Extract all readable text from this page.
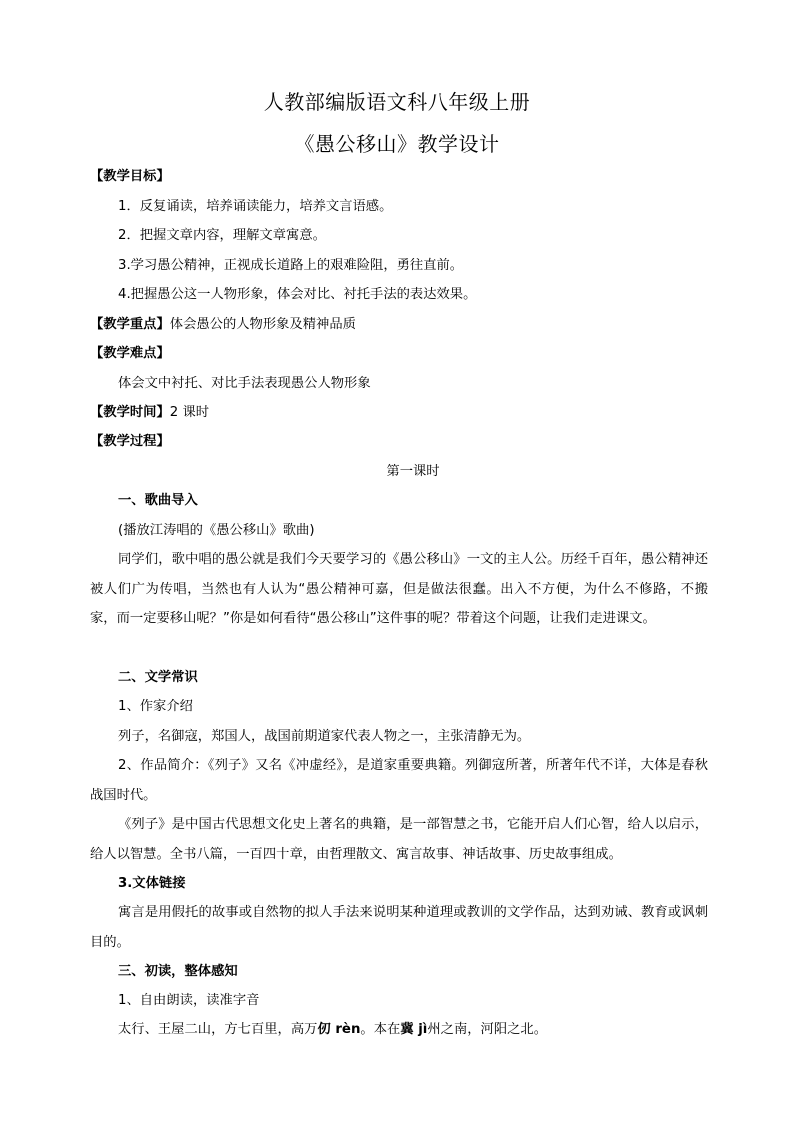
人教部编版语文科八年级上册
《愚公移山》教学设计
【教学目标】
1．反复诵读，培养诵读能力，培养文言语感。
2．把握文章内容，理解文章寓意。
3.学习愚公精神，正视成长道路上的艰难险阻，勇往直前。
4.把握愚公这一人物形象，体会对比、衬托手法的表达效果。
【教学重点】体会愚公的人物形象及精神品质
【教学难点】
体会文中衬托、对比手法表现愚公人物形象
【教学时间】2 课时
【教学过程】
第一课时
一、歌曲导入
(播放江涛唱的《愚公移山》歌曲)
同学们，歌中唱的愚公就是我们今天要学习的《愚公移山》一文的主人公。历经千百年，愚公精神还被人们广为传唱，当然也有人认为“愚公精神可嘉，但是做法很蠢。出入不方便，为什么不修路，不搬家，而一定要移山呢？”你是如何看待“愚公移山”这件事的呢？带着这个问题，让我们走进课文。
二、文学常识
1、作家介绍
列子，名御寇，郑国人，战国前期道家代表人物之一，主张清静无为。
2、作品简介：《列子》又名《冲虚经》，是道家重要典籍。列御寇所著，所著年代不详，大体是春秋战国时代。
《列子》是中国古代思想文化史上著名的典籍，是一部智慧之书，它能开启人们心智，给人以启示，给人以智慧。全书八篇，一百四十章，由哲理散文、寓言故事、神话故事、历史故事组成。
3.文体链接
寓言是用假托的故事或自然物的拟人手法来说明某种道理或教训的文学作品，达到劝诫、教育或讽刺目的。
三、初读，整体感知
1、自由朗读，读准字音
太行、王屋二山，方七百里，高万仞 rèn。本在冀 jì州之南，河阳之北。
